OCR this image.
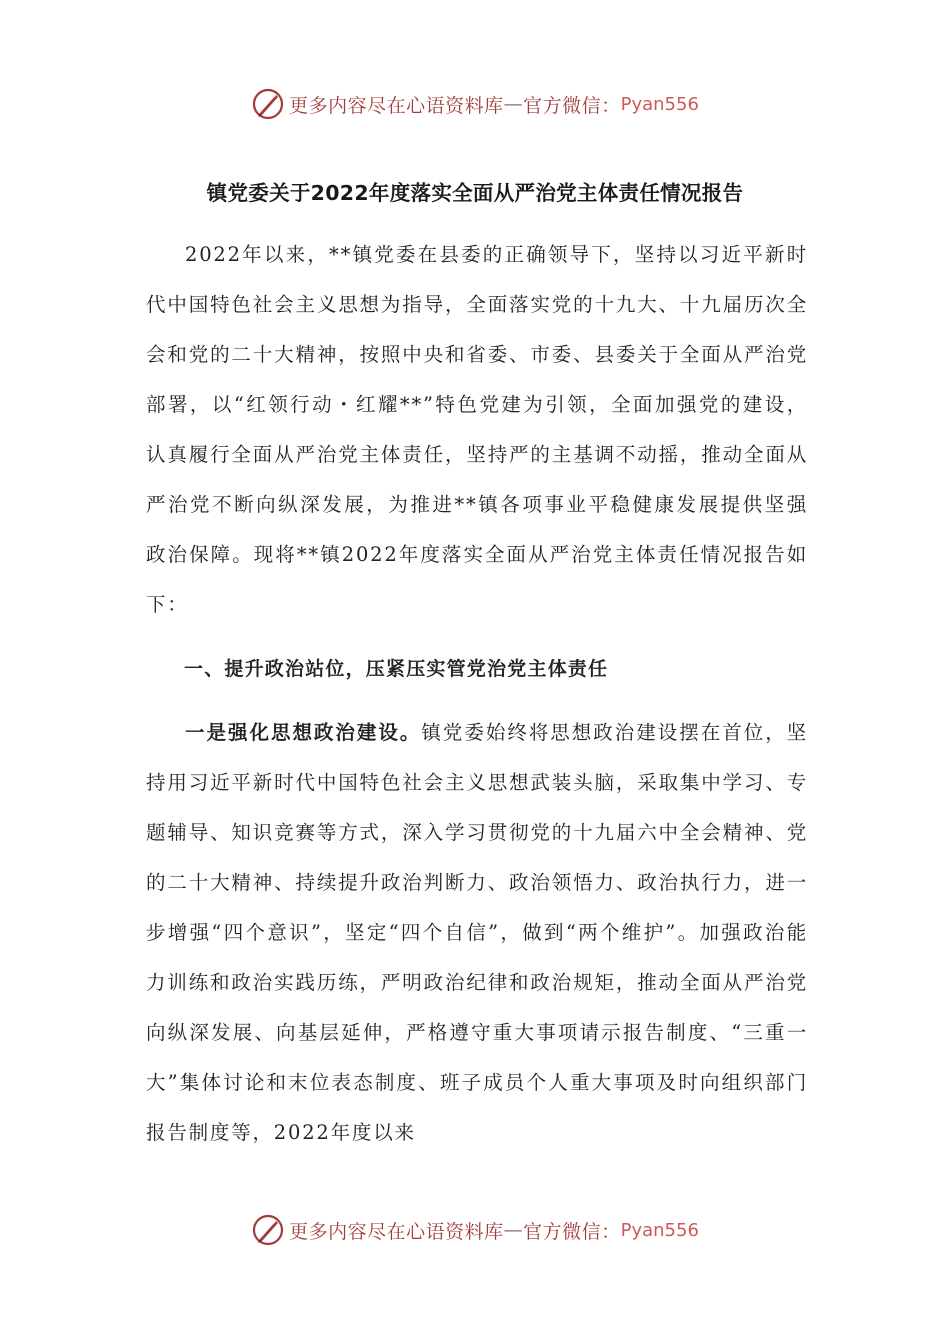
更多内容尽在心语资料库 — 官方微信： Pyan556
镇党委关于2022年度落实全面从严治党主体责任情况报告

2022年以来，**镇党委在县委的正确领导下，坚持以习近平新时代中国特色社会主义思想为指导，全面落实党的十九大、十九届历次全会和党的二十大精神，按照中央和省委、市委、县委关于全面从严治党部署，以“红领行动・红耀**”特色党建为引领，全面加强党的建设，认真履行全面从严治党主体责任，坚持严的主基调不动摇，推动全面从严治党不断向纵深发展，为推进**镇各项事业平稳健康发展提供坚强政治保障。现将**镇2022年度落实全面从严治党主体责任情况报告如下：

一、提升政治站位，压紧压实管党治党主体责任

一是强化思想政治建设。镇党委始终将思想政治建设摆在首位，坚持用习近平新时代中国特色社会主义思想武装头脑，采取集中学习、专题辅导、知识竞赛等方式，深入学习贯彻党的十九届六中全会精神、党的二十大精神、持续提升政治判断力、政治领悟力、政治执行力，进一步增强“四个意识”，坚定“四个自信”，做到“两个维护”。加强政治能力训练和政治实践历练，严明政治纪律和政治规矩，推动全面从严治党向纵深发展、向基层延伸，严格遵守重大事项请示报告制度、“三重一大”集体讨论和末位表态制度、班子成员个人重大事项及时向组织部门报告制度等，2022年度以来

更多内容尽在心语资料库 — 官方微信： Pyan556
